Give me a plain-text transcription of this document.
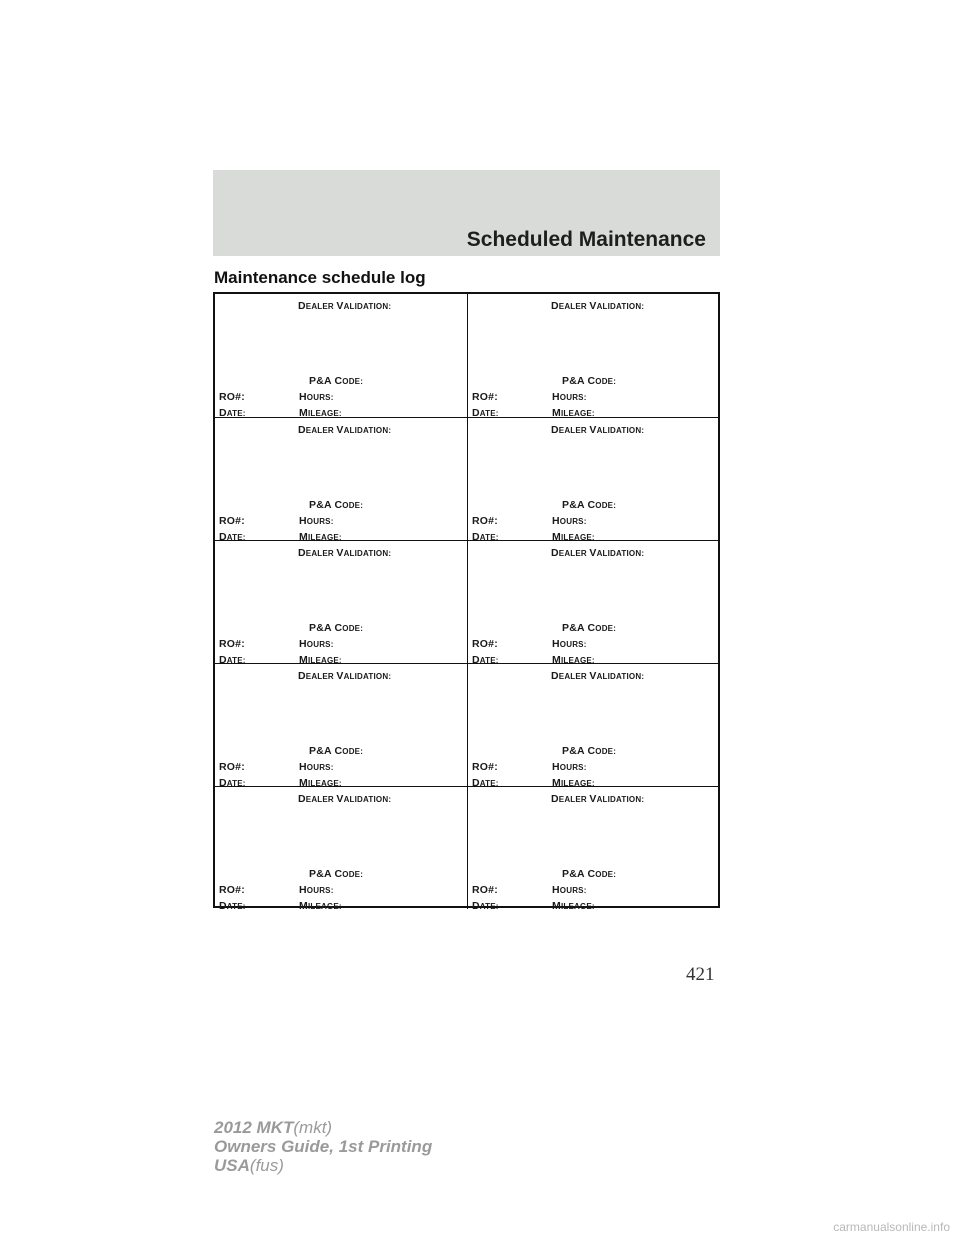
Scheduled Maintenance
Maintenance schedule log
DEALER VALIDATION:
P&A CODE:
RO#:	HOURS:
DATE:	MILEAGE:
DEALER VALIDATION:
P&A CODE:
RO#:	HOURS:
DATE:	MILEAGE:
DEALER VALIDATION:
P&A CODE:
RO#:	HOURS:
DATE:	MILEAGE:
DEALER VALIDATION:
P&A CODE:
RO#:	HOURS:
DATE:	MILEAGE:
DEALER VALIDATION:
P&A CODE:
RO#:	HOURS:
DATE:	MILEAGE:
DEALER VALIDATION:
P&A CODE:
RO#:	HOURS:
DATE:	MILEAGE:
DEALER VALIDATION:
P&A CODE:
RO#:	HOURS:
DATE:	MILEAGE:
DEALER VALIDATION:
P&A CODE:
RO#:	HOURS:
DATE:	MILEAGE:
DEALER VALIDATION:
P&A CODE:
RO#:	HOURS:
DATE:	MILEAGE:
DEALER VALIDATION:
P&A CODE:
RO#:	HOURS:
DATE:	MILEAGE:
421
2012 MKT(mkt)
Owners Guide, 1st Printing
USA(fus)
carmanualsonline.info
